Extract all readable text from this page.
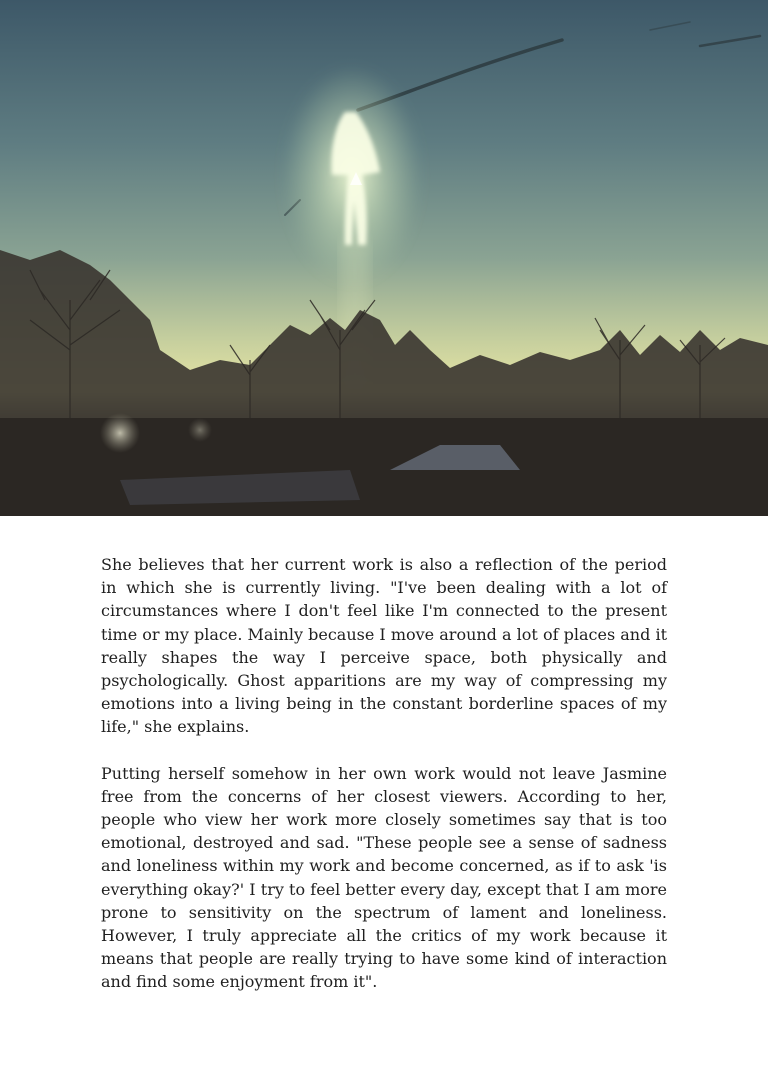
She believes that her current work is also a reflection of the period in which she is currently living. "I've been dealing with a lot of circumstances where I don't feel like I'm connected to the present time or my place. Mainly because I move around a lot of places and it really shapes the way I perceive space, both physically and psychologically. Ghost apparitions are my way of compressing my emotions into a living being in the constant borderline spaces of my life," she explains.

Putting herself somehow in her own work would not leave Jasmine free from the concerns of her closest viewers. According to her, people who view her work more closely sometimes say that is too emotional, destroyed and sad. "These people see a sense of sadness and loneliness within my work and become concerned, as if to ask 'is everything okay?' I try to feel better every day, except that I am more prone to sensitivity on the spectrum of lament and loneliness. However, I truly appreciate all the critics of my work because it means that people are really trying to have some kind of interaction and find some enjoyment from it".
